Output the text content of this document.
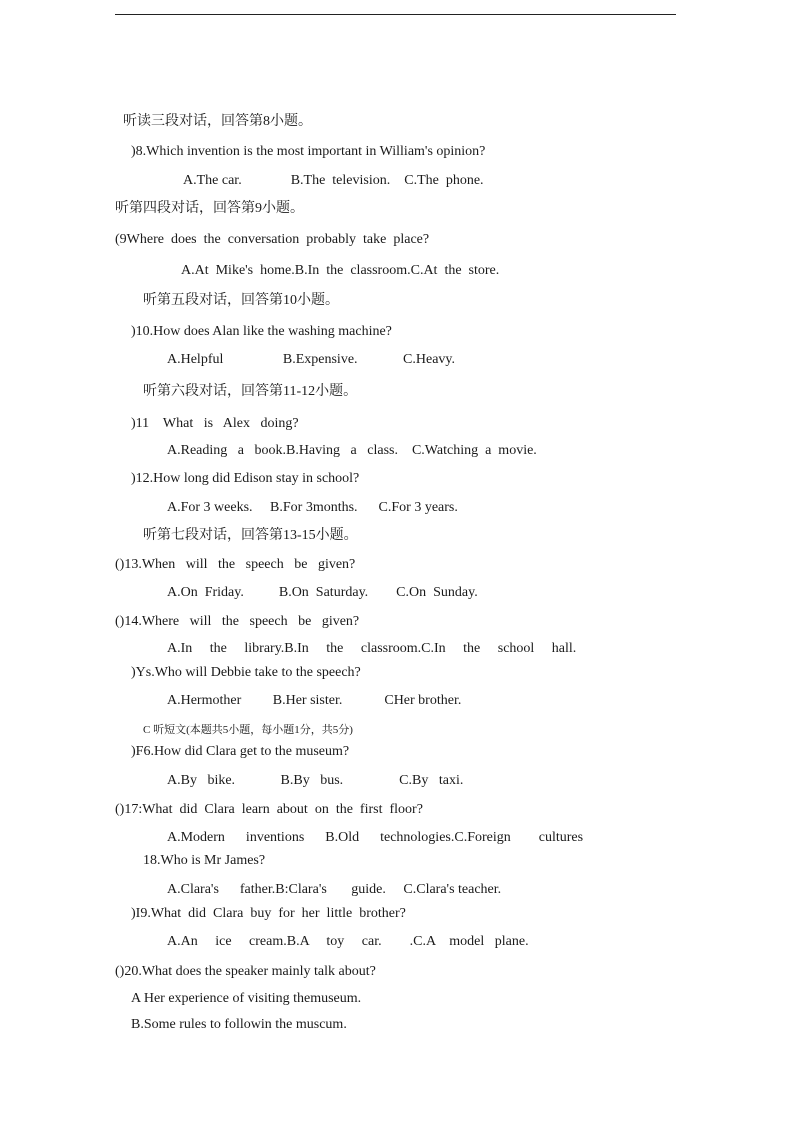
听读三段对话，回答第8小题。
)8.Which invention is the most important in William's opinion?
A.The car.              B.The  television.    C.The  phone.
听第四段对话，回答第9小题。
(9Where  does  the  conversation  probably  take  place?
A.At  Mike's  home.B.In  the  classroom.C.At  the  store.
听第五段对话，回答第10小题。
)10.How does Alan like the washing machine?
A.Helpful                 B.Expensive.             C.Heavy.
听第六段对话，回答第11-12小题。
)11    What   is   Alex   doing?
A.Reading   a   book.B.Having   a   class.    C.Watching  a  movie.
)12.How long did Edison stay in school?
A.For 3 weeks.     B.For 3months.      C.For 3 years.
听第七段对话，回答第13-15小题。
()13.When   will   the   speech   be   given?
A.On  Friday.          B.On  Saturday.        C.On  Sunday.
()14.Where   will   the   speech   be   given?
A.In     the     library.B.In     the     classroom.C.In     the     school     hall.
)Ys.Who will Debbie take to the speech?
A.Hermother         B.Her sister.            CHer brother.
C 听短文(本题共5小题，每小题1分，共5分)
)F6.How did Clara get to the museum?
A.By   bike.             B.By   bus.                C.By   taxi.
()17:What  did  Clara  learn  about  on  the  first  floor?
A.Modern      inventions      B.Old      technologies.C.Foreign        cultures
18.Who is Mr James?
A.Clara's      father.B:Clara's       guide.     C.Clara's teacher.
)I9.What  did  Clara  buy  for  her  little  brother?
A.An     ice     cream.B.A     toy     car.        .C.A    model   plane.
()20.What does the speaker mainly talk about?
A Her experience of visiting themuseum.
B.Some rules to followin the muscum.
